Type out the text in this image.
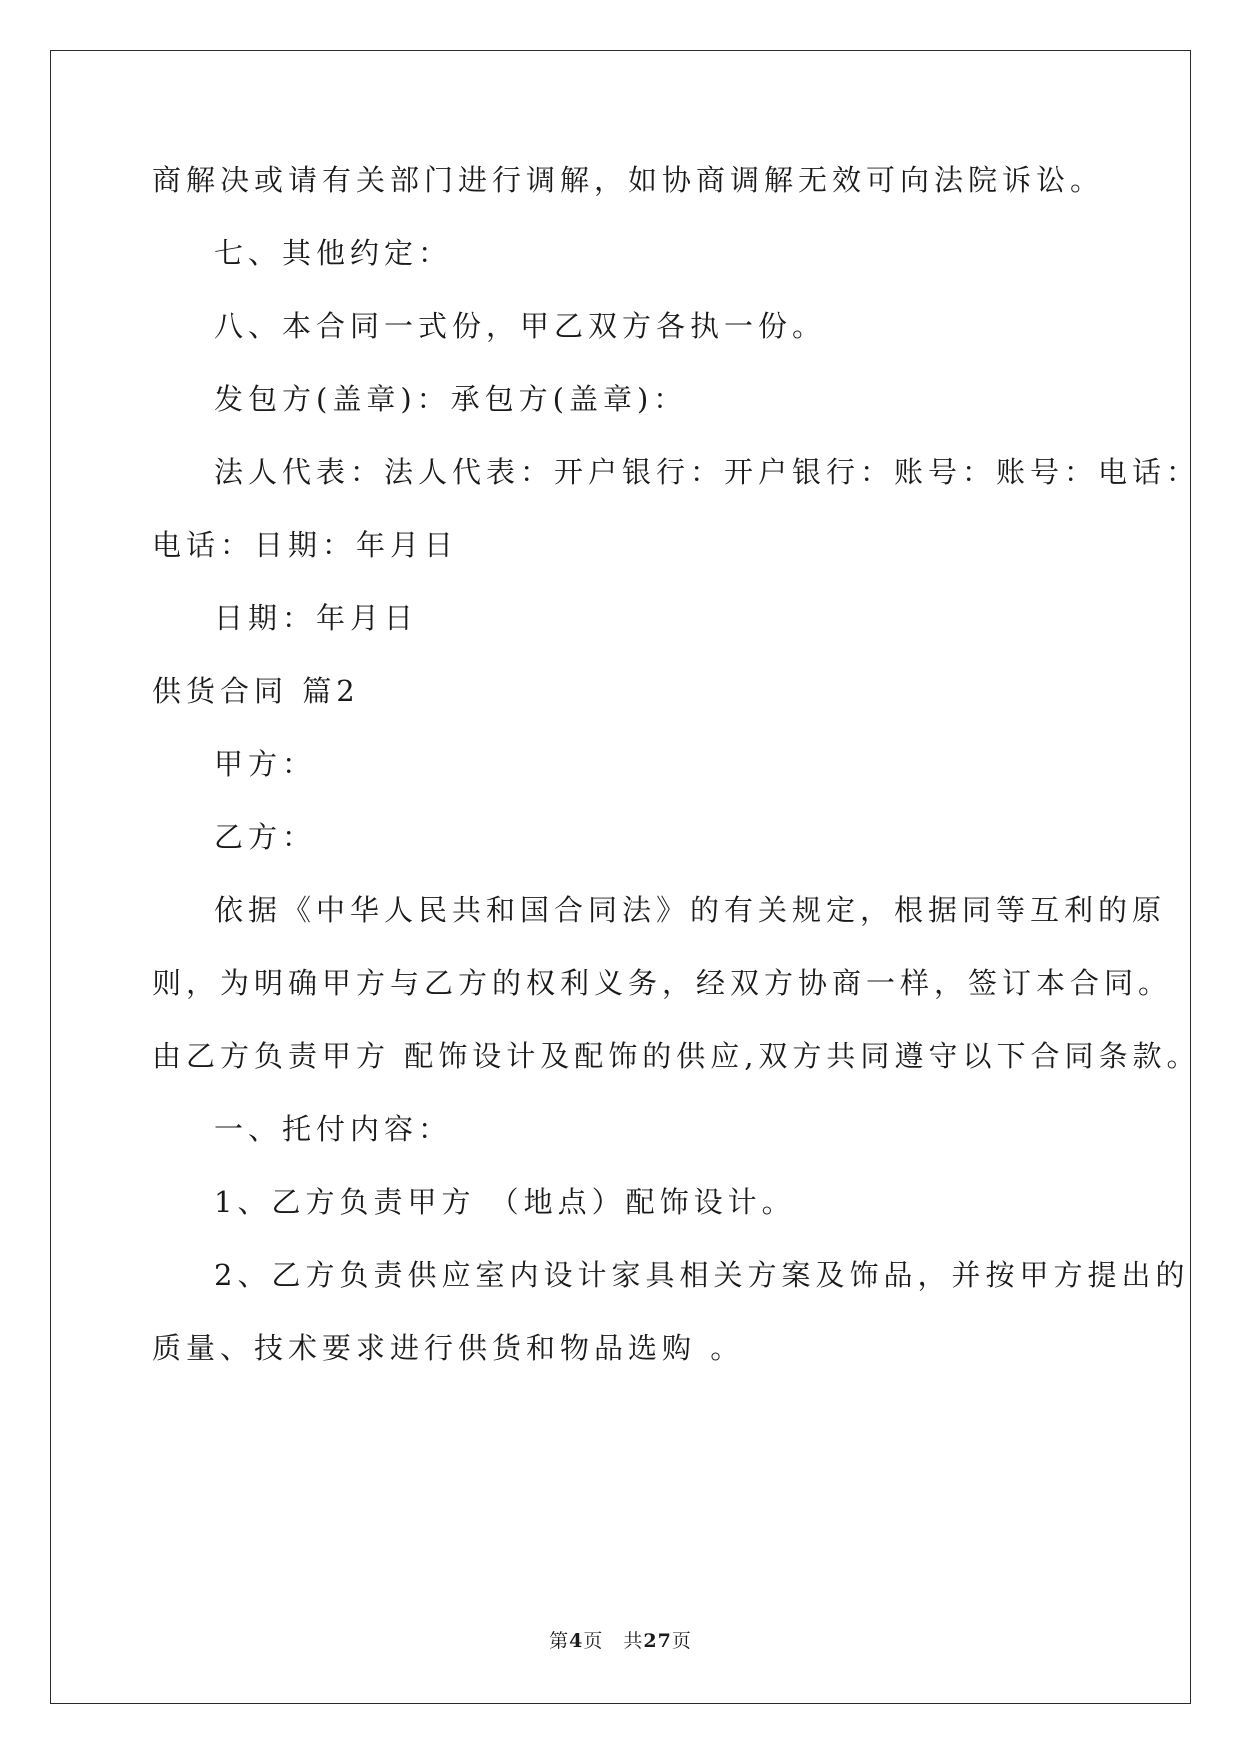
商解决或请有关部门进行调解，如协商调解无效可向法院诉讼。
七、其他约定：
八、本合同一式份，甲乙双方各执一份。
发包方(盖章)：承包方(盖章)：
法人代表：法人代表：开户银行：开户银行：账号：账号：电话：
电话：日期：年月日
日期：年月日
供货合同 篇2
甲方：
乙方：
依据《中华人民共和国合同法》的有关规定，根据同等互利的原
则，为明确甲方与乙方的权利义务，经双方协商一样，签订本合同。
由乙方负责甲方 配饰设计及配饰的供应,双方共同遵守以下合同条款。
一、托付内容：
1、乙方负责甲方 （地点）配饰设计。
2、乙方负责供应室内设计家具相关方案及饰品，并按甲方提出的
质量、技术要求进行供货和物品选购 。
第4页　共27页
